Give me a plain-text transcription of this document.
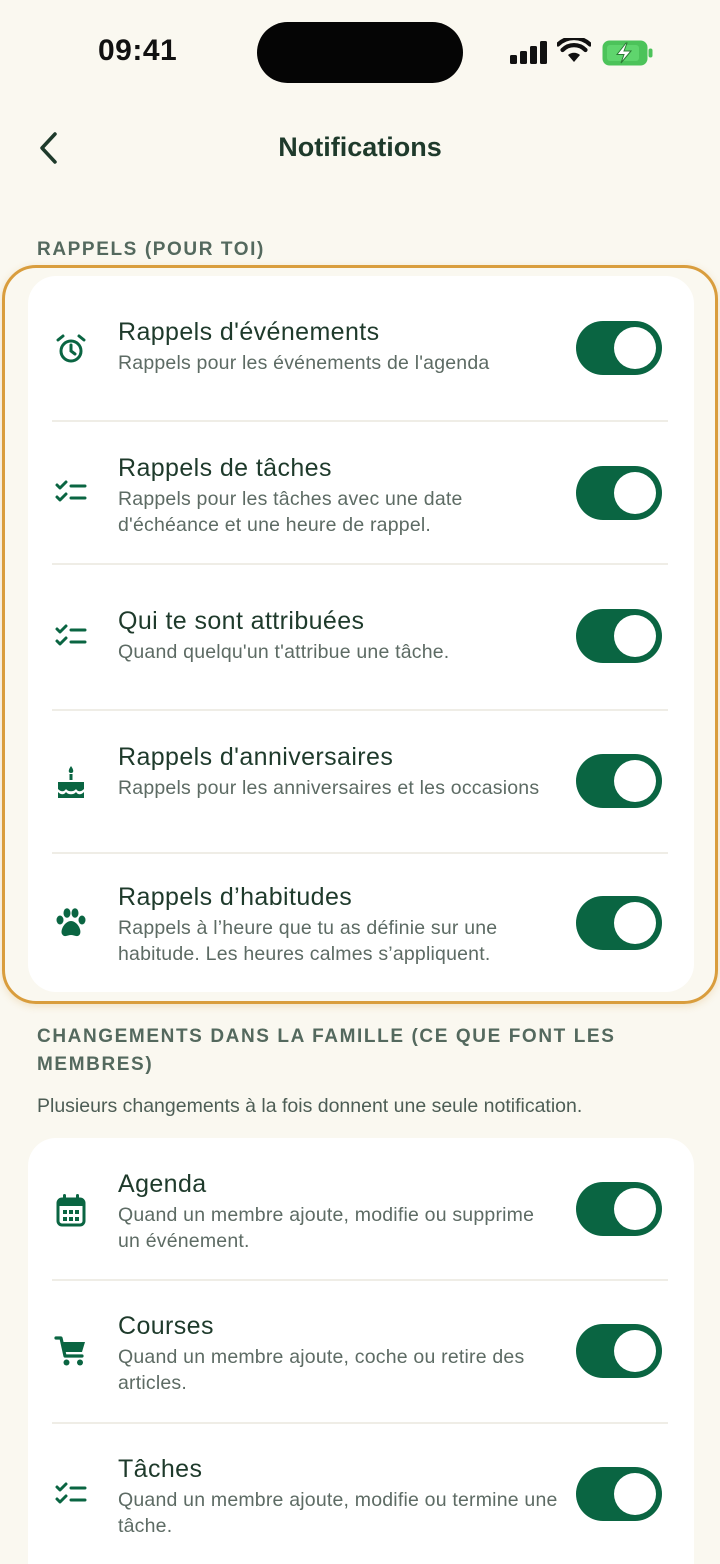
09:41
Notifications
RAPPELS (POUR TOI)
Rappels d'événements
Rappels pour les événements de l'agenda
Rappels de tâches
Rappels pour les tâches avec une date d'échéance et une heure de rappel.
Qui te sont attribuées
Quand quelqu'un t'attribue une tâche.
Rappels d'anniversaires
Rappels pour les anniversaires et les occasions
Rappels d’habitudes
Rappels à l’heure que tu as définie sur une habitude. Les heures calmes s’appliquent.
CHANGEMENTS DANS LA FAMILLE (CE QUE FONT LES MEMBRES)
Plusieurs changements à la fois donnent une seule notification.
Agenda
Quand un membre ajoute, modifie ou supprime un événement.
Courses
Quand un membre ajoute, coche ou retire des articles.
Tâches
Quand un membre ajoute, modifie ou termine une tâche.
